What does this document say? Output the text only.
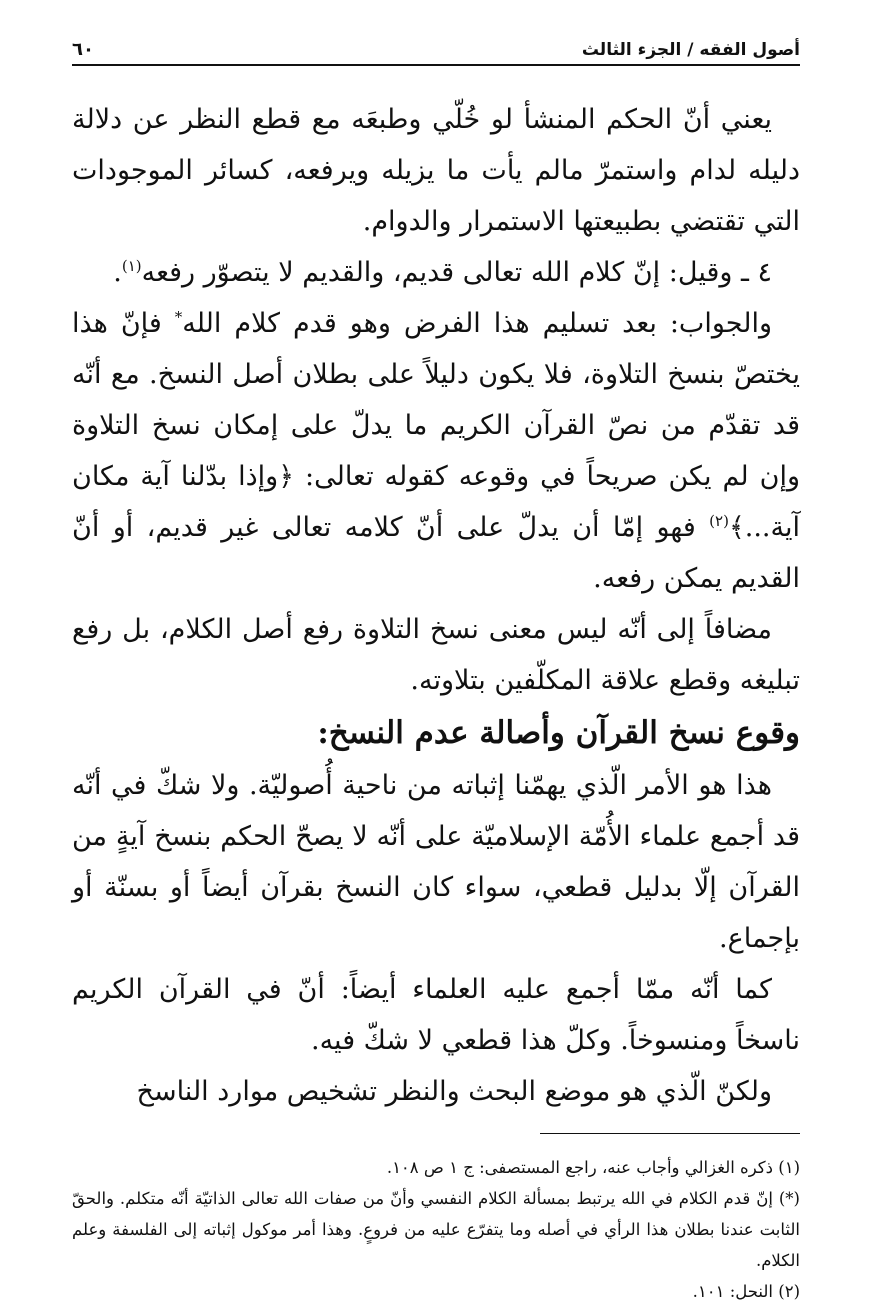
أصول الفقه / الجزء الثالث
٦٠

يعني أنّ الحكم المنشأ لو خُلّي وطبعَه مع قطع النظر عن دلالة دليله لدام واستمرّ مالم يأت ما يزيله ويرفعه، كسائر الموجودات التي تقتضي بطبيعتها الاستمرار والدوام.

٤ ـ وقيل: إنّ كلام الله تعالى قديم، والقديم لا يتصوّر رفعه$^{(١)}$.

والجواب: بعد تسليم هذا الفرض وهو قدم كلام الله* فإنّ هذا يختصّ بنسخ التلاوة، فلا يكون دليلاً على بطلان أصل النسخ. مع أنّه قد تقدّم من نصّ القرآن الكريم ما يدلّ على إمكان نسخ التلاوة وإن لم يكن صريحاً في وقوعه كقوله تعالى: ﴿وإذا بدّلنا آية مكان آية...﴾$^{(٢)}$ فهو إمّا أن يدلّ على أنّ كلامه تعالى غير قديم، أو أنّ القديم يمكن رفعه.

مضافاً إلى أنّه ليس معنى نسخ التلاوة رفع أصل الكلام، بل رفع تبليغه وقطع علاقة المكلّفين بتلاوته.

وقوع نسخ القرآن وأصالة عدم النسخ:

هذا هو الأمر الّذي يهمّنا إثباته من ناحية أُصوليّة. ولا شكّ في أنّه قد أجمع علماء الأُمّة الإسلاميّة على أنّه لا يصحّ الحكم بنسخ آيةٍ من القرآن إلّا بدليل قطعي، سواء كان النسخ بقرآن أيضاً أو بسنّة أو بإجماع.

كما أنّه ممّا أجمع عليه العلماء أيضاً: أنّ في القرآن الكريم ناسخاً ومنسوخاً. وكلّ هذا قطعي لا شكّ فيه.

ولكنّ الّذي هو موضع البحث والنظر تشخيص موارد الناسخ

(١) ذكره الغزالي وأجاب عنه، راجع المستصفى: ج ١ ص ١٠٨.

(*) إنّ قدم الكلام في الله يرتبط بمسألة الكلام النفسي وأنّ من صفات الله تعالى الذاتيّة أنّه متكلم. والحقّ الثابت عندنا بطلان هذا الرأي في أصله وما يتفرّع عليه من فروعٍ. وهذا أمر موكول إثباته إلى الفلسفة وعلم الكلام.

(٢) النحل: ١٠١.
